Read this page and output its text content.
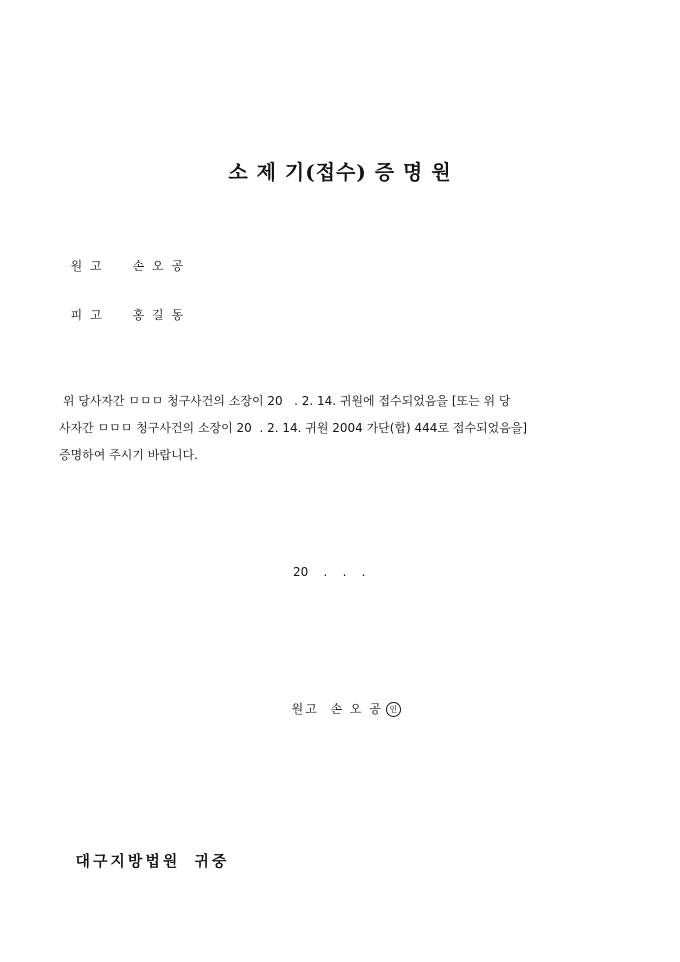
소 제 기(접수) 증 명 원

원 고 손 오 공

피 고 홍 길 동

위 당사자간 ㅁㅁㅁ 청구사건의 소장이 20   . 2. 14. 귀원에 접수되었음을 [또는 위 당

사자간 ㅁㅁㅁ 청구사건의 소장이 20  . 2. 14. 귀원 2004 가단(합) 444로 접수되었음을]

증명하여 주시기 바랍니다.

20    .    .    .

원고  손 오 공 인

대구지방법원 귀중
